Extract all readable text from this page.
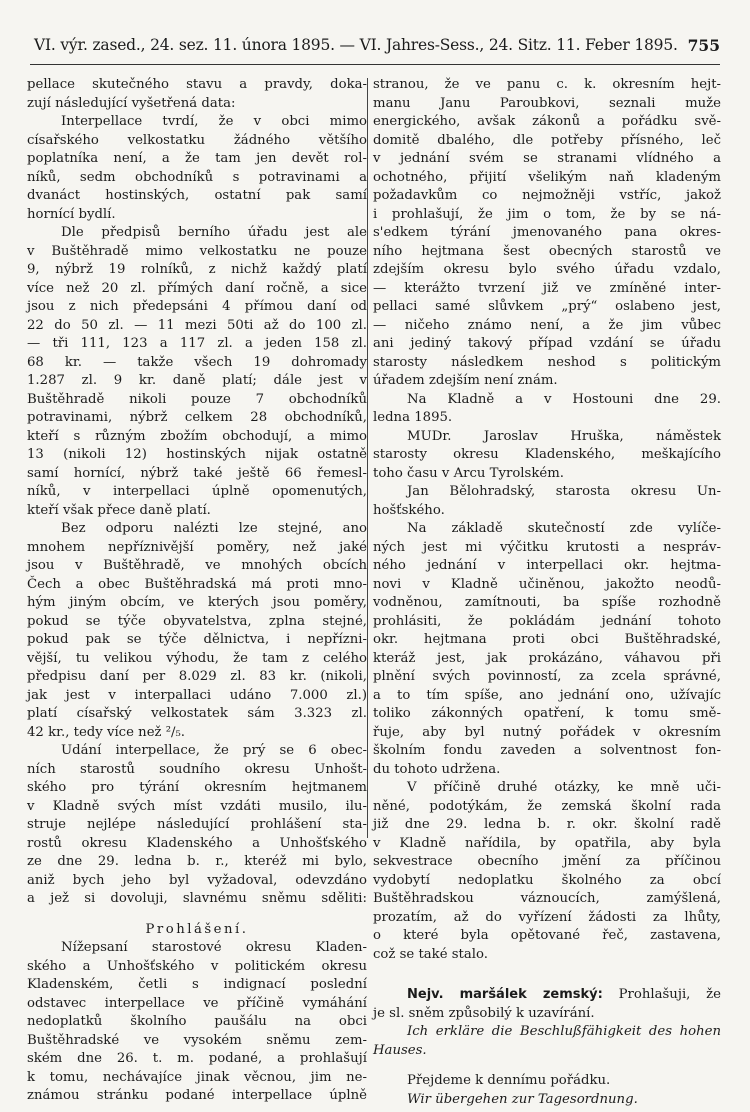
VI. výr. zased., 24. sez. 11. února 1895. — VI. Jahres-Sess., 24. Sitz. 11. Feber 1895. 755
pellace skutečného stavu a pravdy, doka-
zují následující vyšetřená data:
Interpellace tvrdí, že v obci mimo
císařského velkostatku žádného většího
poplatníka není, a že tam jen devět rol-
níků, sedm obchodníků s potravinami a
dvanáct hostinských, ostatní pak samí
hornící bydlí.
Dle předpisů berního úřadu jest ale
v Buštěhradě mimo velkostatku ne pouze
9, nýbrž 19 rolníků, z nichž každý platí
více než 20 zl. přímých daní ročně, a sice
jsou z nich předepsáni 4 přímou daní od
22 do 50 zl. — 11 mezi 50ti až do 100 zl.
— tři 111, 123 a 117 zl. a jeden 158 zl.
68 kr. — takže všech 19 dohromady
1.287 zl. 9 kr. daně platí; dále jest v
Buštěhradě nikoli pouze 7 obchodníků
potravinami, nýbrž celkem 28 obchodníků,
kteří s různým zbožím obchodují, a mimo
13 (nikoli 12) hostinských nijak ostatně
samí hornící, nýbrž také ještě 66 řemesl-
níků, v interpellaci úplně opomenutých,
kteří však přece daně platí.
Bez odporu nalézti lze stejné, ano
mnohem nepříznivější poměry, než jaké
jsou v Buštěhradě, ve mnohých obcích
Čech a obec Buštěhradská má proti mno-
hým jiným obcím, ve kterých jsou poměry,
pokud se týče obyvatelstva, zplna stejné,
pokud pak se týče dělnictva, i nepřízni-
vější, tu velikou výhodu, že tam z celého
předpisu daní per 8.029 zl. 83 kr. (nikoli,
jak jest v interpallaci udáno 7.000 zl.)
platí císařský velkostatek sám 3.323 zl.
42 kr., tedy více než ²/₅.
Udání interpellace, že prý se 6 obec-
ních starostů soudního okresu Unhošt-
ského pro týrání okresním hejtmanem
v Kladně svých míst vzdáti musilo, ilu-
struje nejlépe následující prohlášení sta-
rostů okresu Kladenského a Unhošťského
ze dne 29. ledna b. r., kteréž mi bylo,
aniž bych jeho byl vyžadoval, odevzdáno
a jež si dovoluji, slavnému sněmu sděliti:
Prohlášení.
Nížepsaní starostové okresu Kladen-
ského a Unhošťského v politickém okresu
Kladenském, četli s indignací poslední
odstavec interpellace ve příčině vymáhání
nedoplatků školního paušálu na obci
Buštěhradské ve vysokém sněmu zem-
ském dne 26. t. m. podané, a prohlašují
k tomu, nechávajíce jinak věcnou, jim ne-
známou stránku podané interpellace úplně
stranou, že ve panu c. k. okresním hejt-
manu Janu Paroubkovi, seznali muže
energického, avšak zákonů a pořádku svě-
domitě dbalého, dle potřeby přísného, leč
v jednání svém se stranami vlídného a
ochotného, přijití všelikým naň kladeným
požadavkům co nejmožněji vstříc, jakož
i prohlašují, že jim o tom, že by se ná-
s'edkem týrání jmenovaného pana okres-
ního hejtmana šest obecných starostů ve
zdejším okresu bylo svého úřadu vzdalo,
— kterážto tvrzení již ve zmíněné inter-
pellaci samé slůvkem „prý“ oslabeno jest,
— ničeho známo není, a že jim vůbec
ani jediný takový případ vzdání se úřadu
starosty následkem neshod s politickým
úřadem zdejším není znám.
Na Kladně a v Hostouni dne 29.
ledna 1895.
MUDr. Jaroslav Hruška, náměstek
starosty okresu Kladenského, meškajícího
toho času v Arcu Tyrolském.
Jan Bělohradský, starosta okresu Un-
hošťského.
Na základě skutečností zde vylíče-
ných jest mi výčitku krutosti a nespráv-
ného jednání v interpellaci okr. hejtma-
novi v Kladně učiněnou, jakožto neodů-
vodněnou, zamítnouti, ba spíše rozhodně
prohlásiti, že pokládám jednání tohoto
okr. hejtmana proti obci Buštěhradské,
kteráž jest, jak prokázáno, váhavou při
plnění svých povinností, za zcela správné,
a to tím spíše, ano jednání ono, užívajíc
toliko zákonných opatření, k tomu smě-
řuje, aby byl nutný pořádek v okresním
školním fondu zaveden a solventnost fon-
du tohoto udržena.
V příčině druhé otázky, ke mně uči-
něné, podotýkám, že zemská školní rada
již dne 29. ledna b. r. okr. školní radě
v Kladně nařídila, by opatřila, aby byla
sekvestrace obecního jmění za příčinou
vydobytí nedoplatku školného za obcí
Buštěhradskou váznoucích, zamýšlená,
prozatím, až do vyřízení žádosti za lhůty,
o které byla opětované řeč, zastavena,
což se také stalo.
Nejv. maršálek zemský: Prohlašuji, že
je sl. sněm způsobilý k uzavírání.
Ich erkläre die Beschlußfähigkeit des hohen
Hauses.
Přejdeme k dennímu pořádku.
Wir übergehen zur Tagesordnung.
